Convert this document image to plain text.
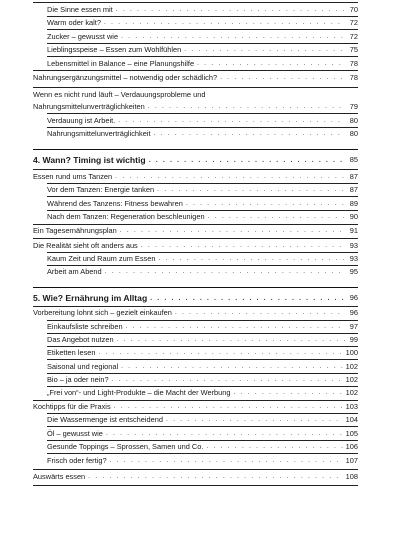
Die Sinne essen mit . . .	70
Warm oder kalt? . . .	72
Zucker – gewusst wie . . .	72
Lieblingsspeise – Essen zum Wohlfühlen . . .	75
Lebensmittel in Balance – eine Planungshilfe . . .	78
Nahrungsergänzungsmittel – notwendig oder schädlich? . . .	78
Wenn es nicht rund läuft – Verdauungsprobleme und
Nahrungsmittelunverträglichkeiten . . .	79
Verdauung ist Arbeit. . . .	80
Nahrungsmittelunverträglichkeit . . .	80
4. Wann? Timing ist wichtig . . .	85
Essen rund ums Tanzen . . .	87
Vor dem Tanzen: Energie tanken . . .	87
Während des Tanzens: Fitness bewahren . . .	89
Nach dem Tanzen: Regeneration beschleunigen . . .	90
Ein Tagesernährungsplan . . .	91
Die Realität sieht oft anders aus . . .	93
Kaum Zeit und Raum zum Essen . . .	93
Arbeit am Abend . . .	95
5. Wie? Ernährung im Alltag . . .	96
Vorbereitung lohnt sich – gezielt einkaufen . . .	96
Einkaufsliste schreiben . . .	97
Das Angebot nutzen . . .	99
Etiketten lesen . . .	100
Saisonal und regional . . .	102
Bio – ja oder nein? . . .	102
„Frei von“- und Light-Produkte – die Macht der Werbung . . .	102
Kochtipps für die Praxis . . .	103
Die Wassermenge ist entscheidend . . .	104
Öl – gewusst wie . . .	105
Gesunde Toppings – Sprossen, Samen und Co. . . .	106
Frisch oder fertig? . . .	107
Auswärts essen . . .	108
